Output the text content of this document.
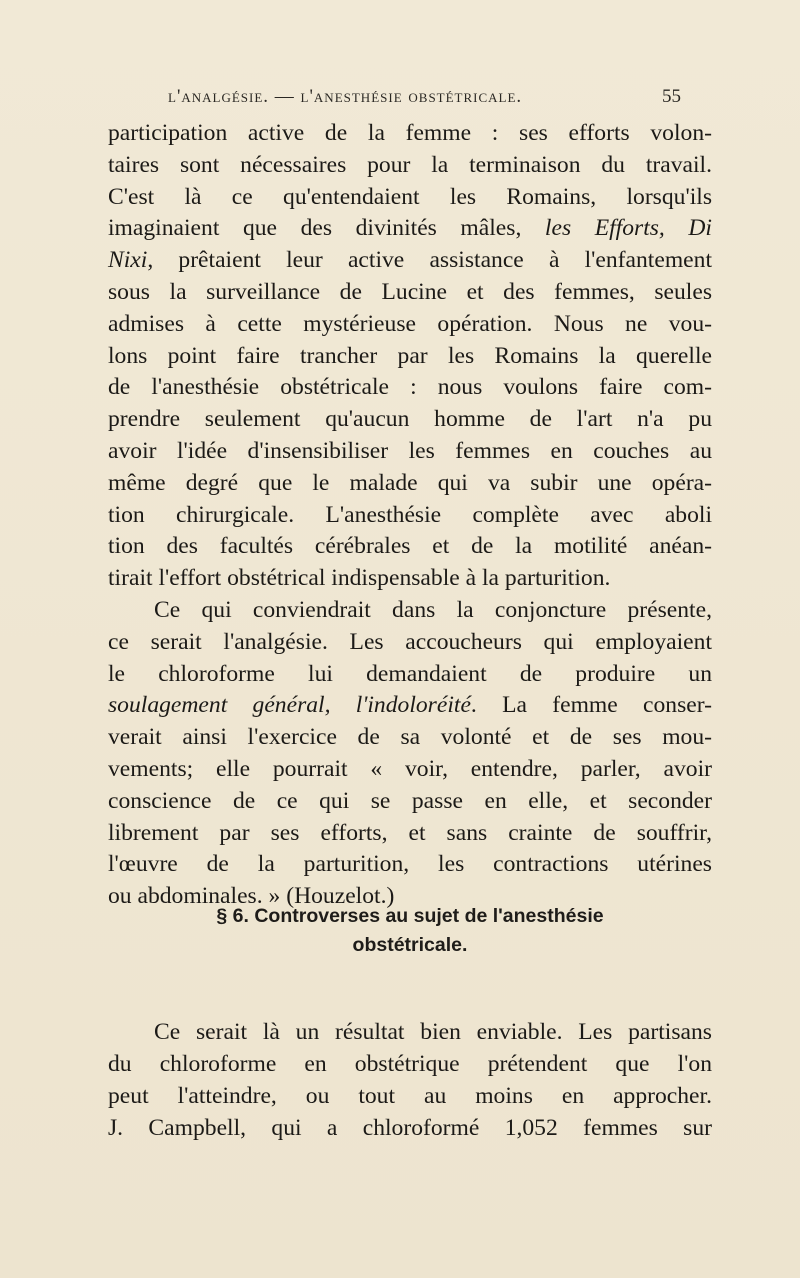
l'analgésie. — l'anesthésie obstétricale.	55
participation active de la femme : ses efforts volon-
taires sont nécessaires pour la terminaison du travail.
C'est là ce qu'entendaient les Romains, lorsqu'ils
imaginaient que des divinités mâles, les Efforts, Di
Nixi, prêtaient leur active assistance à l'enfantement
sous la surveillance de Lucine et des femmes, seules
admises à cette mystérieuse opération. Nous ne vou-
lons point faire trancher par les Romains la querelle
de l'anesthésie obstétricale : nous voulons faire com-
prendre seulement qu'aucun homme de l'art n'a pu
avoir l'idée d'insensibiliser les femmes en couches au
même degré que le malade qui va subir une opéra-
tion chirurgicale. L'anesthésie complète avec aboli
tion des facultés cérébrales et de la motilité anéan-
tirait l'effort obstétrical indispensable à la parturition.
Ce qui conviendrait dans la conjoncture présente,
ce serait l'analgésie. Les accoucheurs qui employaient
le chloroforme lui demandaient de produire un
soulagement général, l'indoloréité. La femme conser-
verait ainsi l'exercice de sa volonté et de ses mou-
vements; elle pourrait « voir, entendre, parler, avoir
conscience de ce qui se passe en elle, et seconder
librement par ses efforts, et sans crainte de souffrir,
l'œuvre de la parturition, les contractions utérines
ou abdominales. » (Houzelot.)
§ 6. Controverses au sujet de l'anesthésie
obstétricale.
Ce serait là un résultat bien enviable. Les partisans
du chloroforme en obstétrique prétendent que l'on
peut l'atteindre, ou tout au moins en approcher.
J. Campbell, qui a chloroformé 1,052 femmes sur
